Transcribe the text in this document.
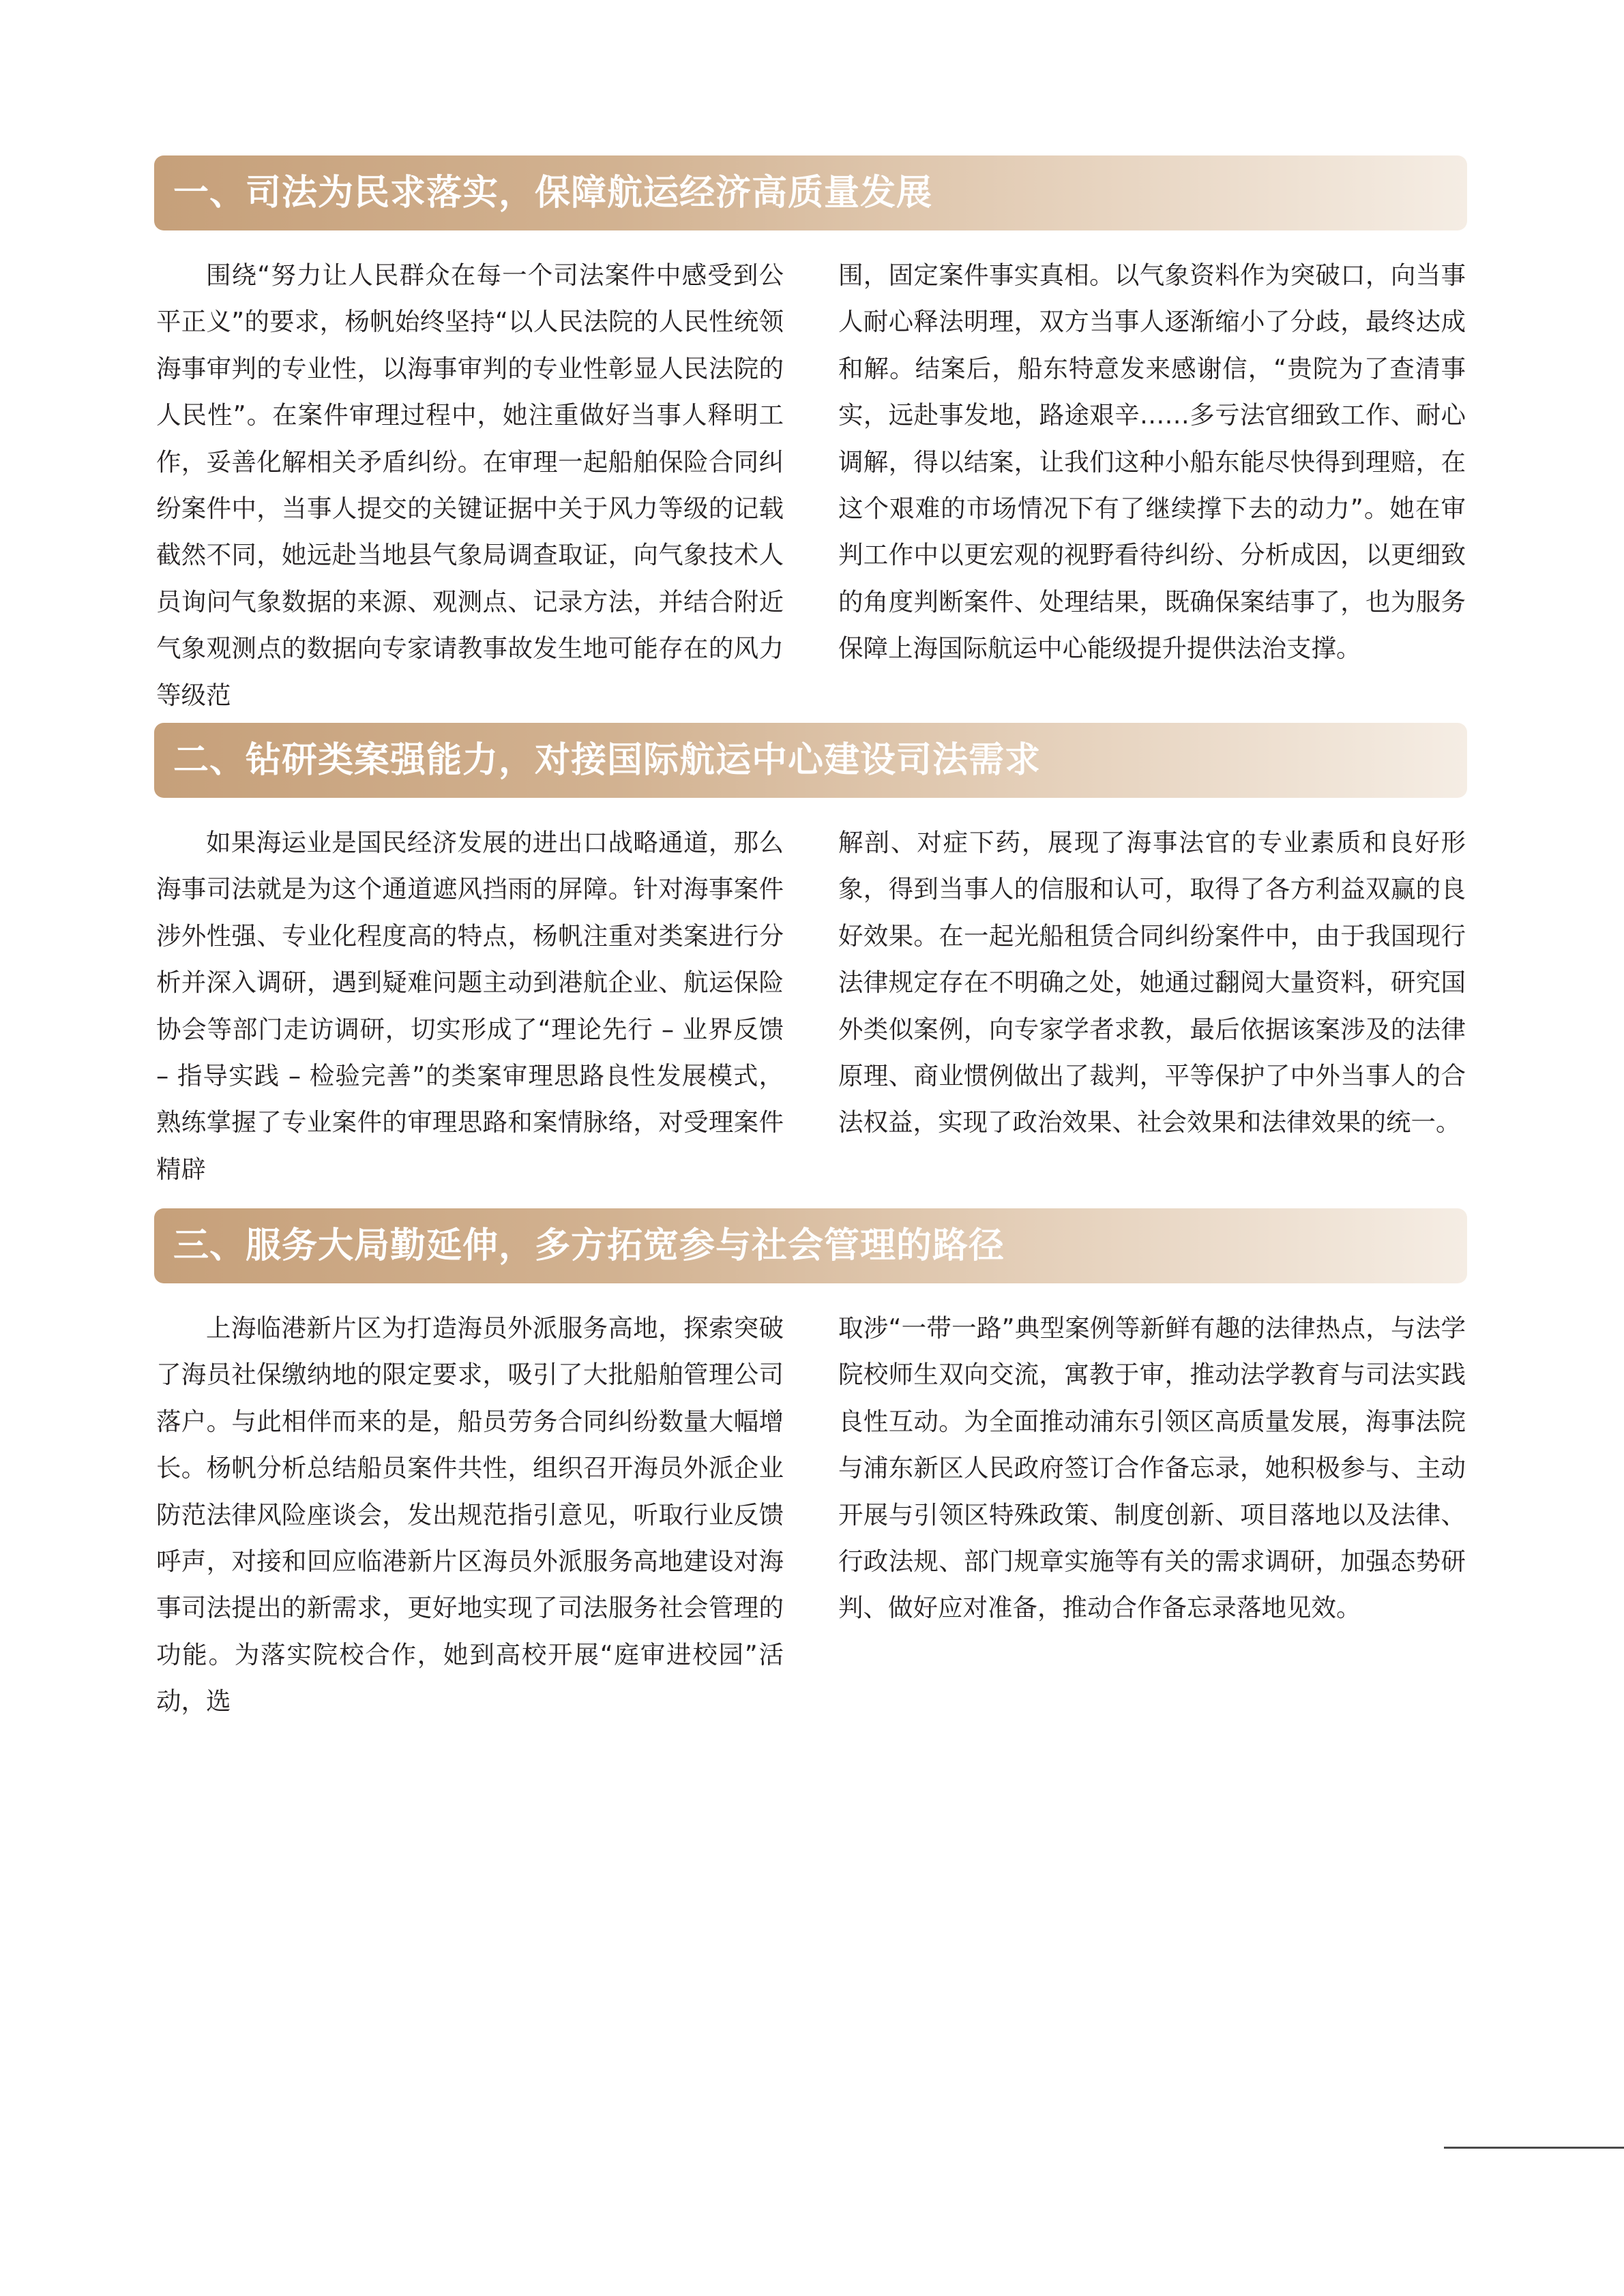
一、司法为民求落实，保障航运经济高质量发展

围绕“努力让人民群众在每一个司法案件中感受到公平正义”的要求，杨帆始终坚持“以人民法院的人民性统领海事审判的专业性，以海事审判的专业性彰显人民法院的人民性”。在案件审理过程中，她注重做好当事人释明工作，妥善化解相关矛盾纠纷。在审理一起船舶保险合同纠纷案件中，当事人提交的关键证据中关于风力等级的记载截然不同，她远赴当地县气象局调查取证，向气象技术人员询问气象数据的来源、观测点、记录方法，并结合附近气象观测点的数据向专家请教事故发生地可能存在的风力等级范

围，固定案件事实真相。以气象资料作为突破口，向当事人耐心释法明理，双方当事人逐渐缩小了分歧，最终达成和解。结案后，船东特意发来感谢信，“贵院为了查清事实，远赴事发地，路途艰辛……多亏法官细致工作、耐心调解，得以结案，让我们这种小船东能尽快得到理赔，在这个艰难的市场情况下有了继续撑下去的动力”。她在审判工作中以更宏观的视野看待纠纷、分析成因，以更细致的角度判断案件、处理结果，既确保案结事了，也为服务保障上海国际航运中心能级提升提供法治支撑。

二、钻研类案强能力，对接国际航运中心建设司法需求

如果海运业是国民经济发展的进出口战略通道，那么海事司法就是为这个通道遮风挡雨的屏障。针对海事案件涉外性强、专业化程度高的特点，杨帆注重对类案进行分析并深入调研，遇到疑难问题主动到港航企业、航运保险协会等部门走访调研，切实形成了“理论先行 – 业界反馈 – 指导实践 – 检验完善”的类案审理思路良性发展模式，熟练掌握了专业案件的审理思路和案情脉络，对受理案件精辟

解剖、对症下药，展现了海事法官的专业素质和良好形象，得到当事人的信服和认可，取得了各方利益双赢的良好效果。在一起光船租赁合同纠纷案件中，由于我国现行法律规定存在不明确之处，她通过翻阅大量资料，研究国外类似案例，向专家学者求教，最后依据该案涉及的法律原理、商业惯例做出了裁判，平等保护了中外当事人的合法权益，实现了政治效果、社会效果和法律效果的统一。

三、服务大局勤延伸，多方拓宽参与社会管理的路径

上海临港新片区为打造海员外派服务高地，探索突破了海员社保缴纳地的限定要求，吸引了大批船舶管理公司落户。与此相伴而来的是，船员劳务合同纠纷数量大幅增长。杨帆分析总结船员案件共性，组织召开海员外派企业防范法律风险座谈会，发出规范指引意见，听取行业反馈呼声，对接和回应临港新片区海员外派服务高地建设对海事司法提出的新需求，更好地实现了司法服务社会管理的功能。为落实院校合作，她到高校开展“庭审进校园”活动，选

取涉“一带一路”典型案例等新鲜有趣的法律热点，与法学院校师生双向交流，寓教于审，推动法学教育与司法实践良性互动。为全面推动浦东引领区高质量发展，海事法院与浦东新区人民政府签订合作备忘录，她积极参与、主动开展与引领区特殊政策、制度创新、项目落地以及法律、行政法规、部门规章实施等有关的需求调研，加强态势研判、做好应对准备，推动合作备忘录落地见效。
